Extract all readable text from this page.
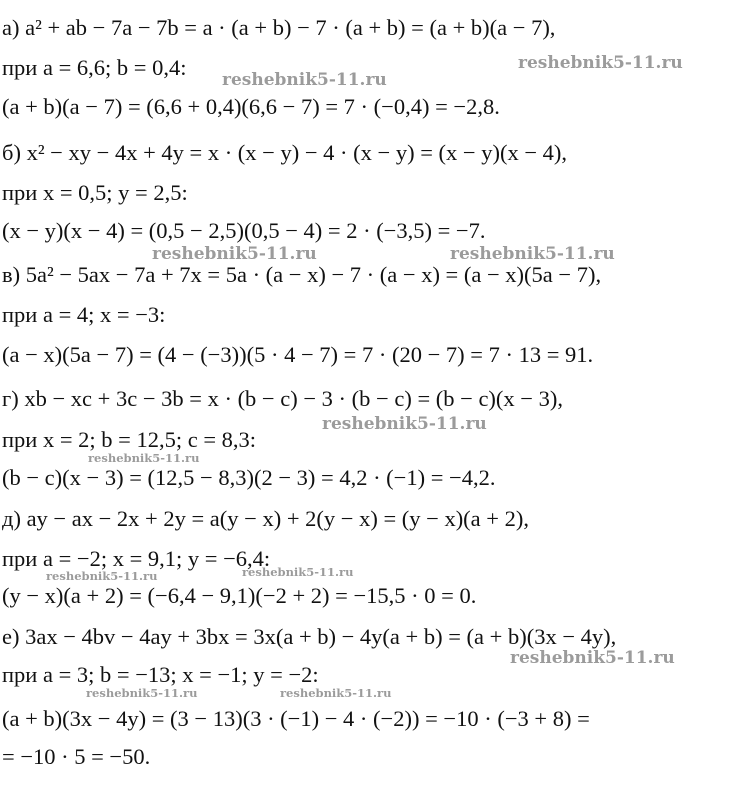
а) a² + ab − 7a − 7b = a · (a + b) − 7 · (a + b) = (a + b)(a − 7),
при a = 6,6; b = 0,4:
(a + b)(a − 7) = (6,6 + 0,4)(6,6 − 7) = 7 · (−0,4) = −2,8.
б) x² − xy − 4x + 4y = x · (x − y) − 4 · (x − y) = (x − y)(x − 4),
при x = 0,5; y = 2,5:
(x − y)(x − 4) = (0,5 − 2,5)(0,5 − 4) = 2 · (−3,5) = −7.
в) 5a² − 5ax − 7a + 7x = 5a · (a − x) − 7 · (a − x) = (a − x)(5a − 7),
при a = 4; x = −3:
(a − x)(5a − 7) = (4 − (−3))(5 · 4 − 7) = 7 · (20 − 7) = 7 · 13 = 91.
г) xb − xc + 3c − 3b = x · (b − c) − 3 · (b − c) = (b − c)(x − 3),
при x = 2; b = 12,5; c = 8,3:
(b − c)(x − 3) = (12,5 − 8,3)(2 − 3) = 4,2 · (−1) = −4,2.
д) ay − ax − 2x + 2y = a(y − x) + 2(y − x) = (y − x)(a + 2),
при a = −2; x = 9,1; y = −6,4:
(y − x)(a + 2) = (−6,4 − 9,1)(−2 + 2) = −15,5 · 0 = 0.
е) 3ax − 4bv − 4ay + 3bx = 3x(a + b) − 4y(a + b) = (a + b)(3x − 4y),
при a = 3; b = −13; x = −1; y = −2:
(a + b)(3x − 4y) = (3 − 13)(3 · (−1) − 4 · (−2)) = −10 · (−3 + 8) =
= −10 · 5 = −50.
reshebnik5-11.ru
reshebnik5-11.ru
reshebnik5-11.ru	reshebnik5-11.ru
reshebnik5-11.ru
reshebnik5-11.ru
reshebnik5-11.ru
reshebnik5-11.ru
reshebnik5-11.ru
reshebnik5-11.ru	reshebnik5-11.ru
